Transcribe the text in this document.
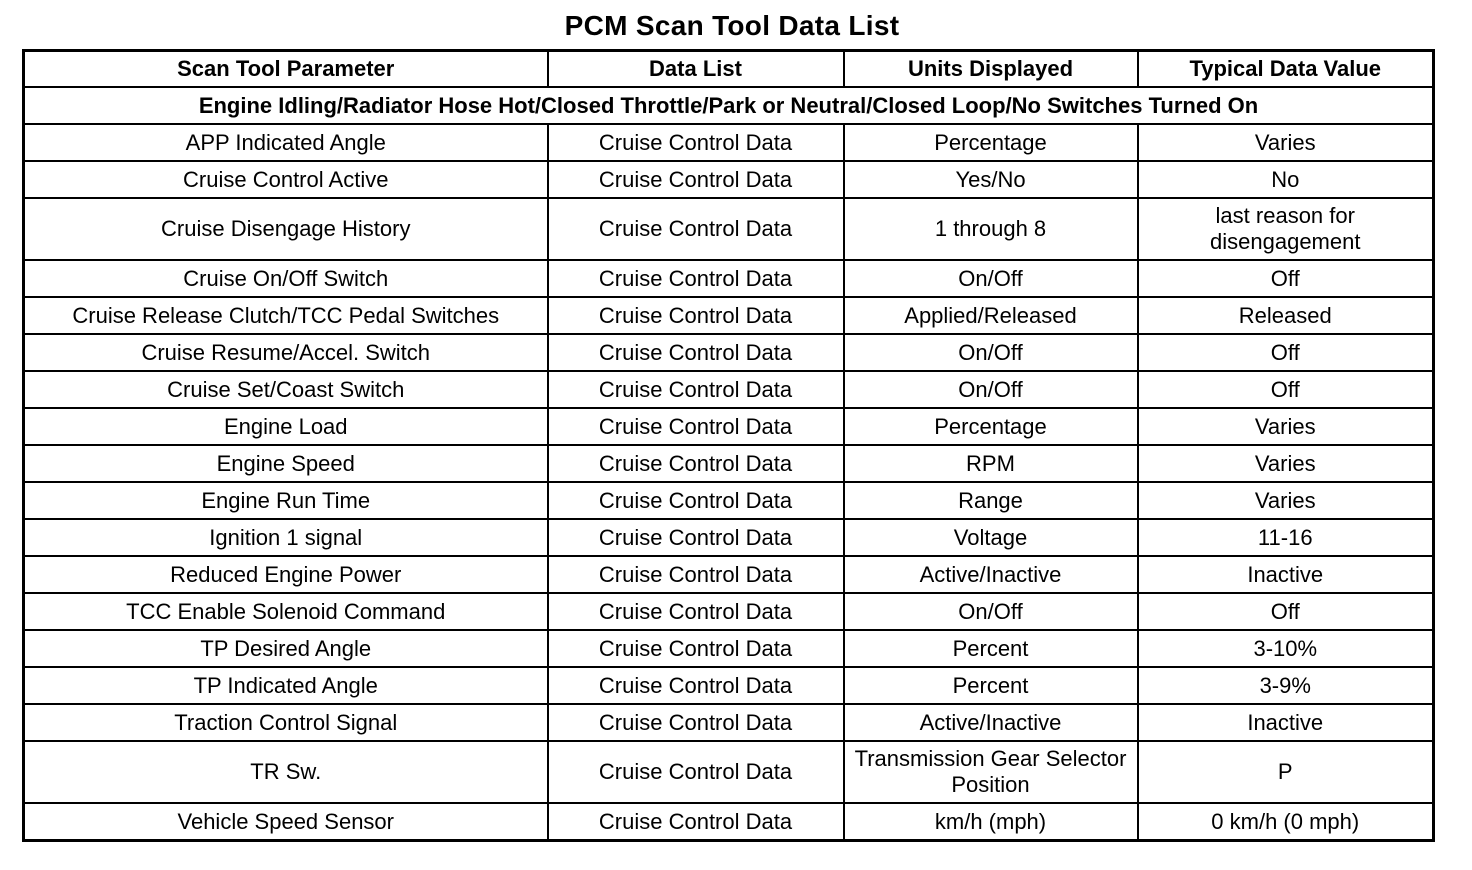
PCM Scan Tool Data List
Scan Tool Parameter	Data List	Units Displayed	Typical Data Value
Engine Idling/Radiator Hose Hot/Closed Throttle/Park or Neutral/Closed Loop/No Switches Turned On			
APP Indicated Angle	Cruise Control Data	Percentage	Varies
Cruise Control Active	Cruise Control Data	Yes/No	No
Cruise Disengage History	Cruise Control Data	1 through 8	last reason for disengagement
Cruise On/Off Switch	Cruise Control Data	On/Off	Off
Cruise Release Clutch/TCC Pedal Switches	Cruise Control Data	Applied/Released	Released
Cruise Resume/Accel. Switch	Cruise Control Data	On/Off	Off
Cruise Set/Coast Switch	Cruise Control Data	On/Off	Off
Engine Load	Cruise Control Data	Percentage	Varies
Engine Speed	Cruise Control Data	RPM	Varies
Engine Run Time	Cruise Control Data	Range	Varies
Ignition 1 signal	Cruise Control Data	Voltage	11-16
Reduced Engine Power	Cruise Control Data	Active/Inactive	Inactive
TCC Enable Solenoid Command	Cruise Control Data	On/Off	Off
TP Desired Angle	Cruise Control Data	Percent	3-10%
TP Indicated Angle	Cruise Control Data	Percent	3-9%
Traction Control Signal	Cruise Control Data	Active/Inactive	Inactive
TR Sw.	Cruise Control Data	Transmission Gear Selector Position	P
Vehicle Speed Sensor	Cruise Control Data	km/h (mph)	0 km/h (0 mph)
